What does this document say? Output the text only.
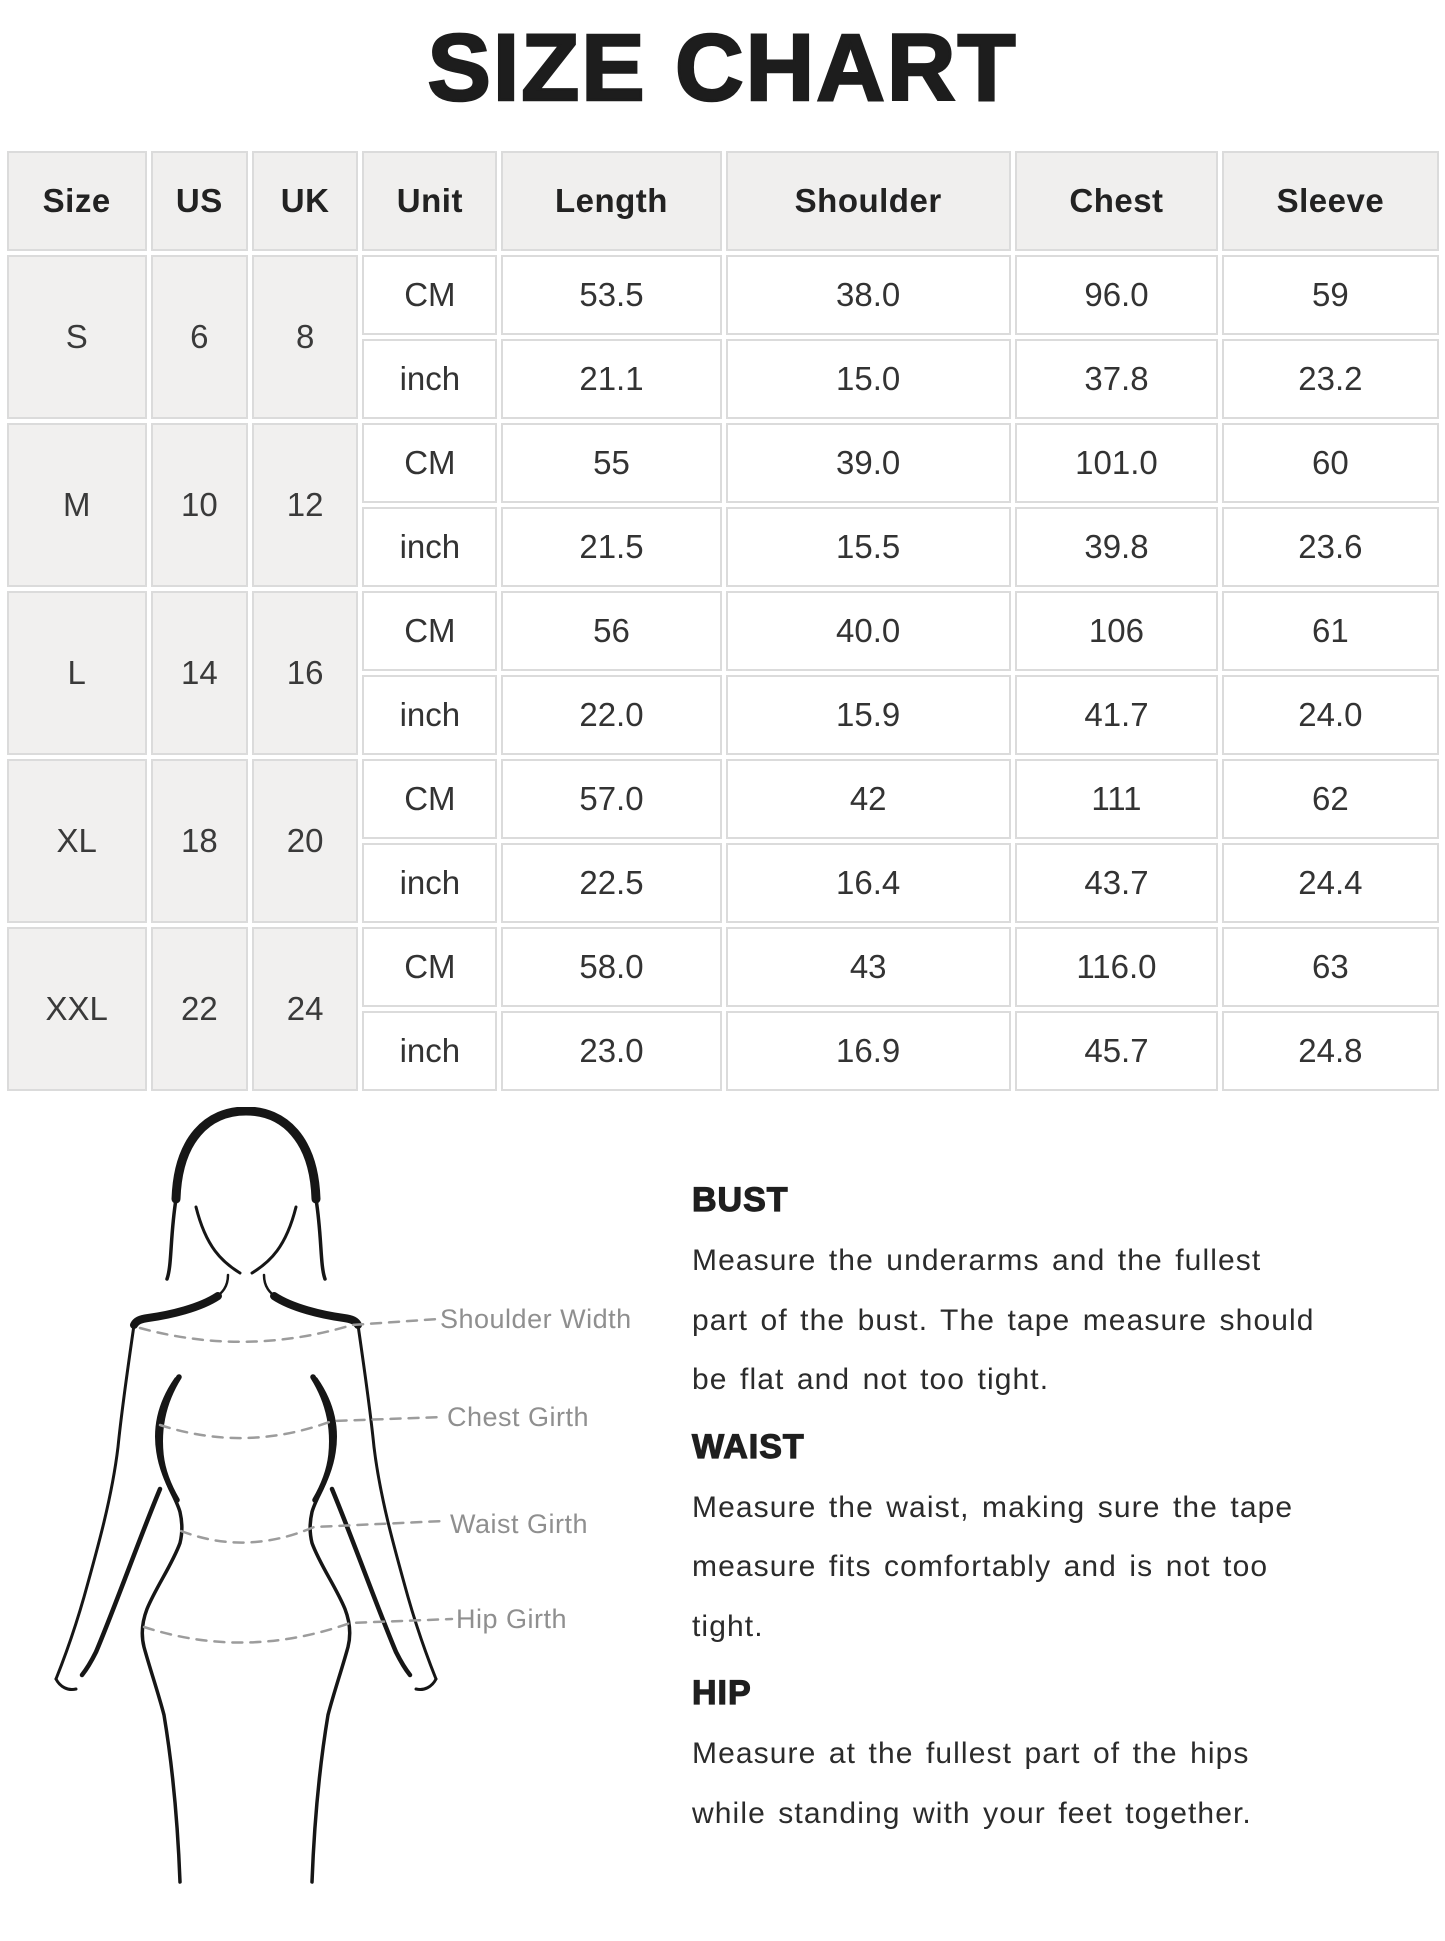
SIZE CHART
Size	US	UK	Unit	Length	Shoulder	Chest	Sleeve
S	6	8	CM	53.5	38.0	96.0	59
			inch	21.1	15.0	37.8	23.2
M	10	12	CM	55	39.0	101.0	60
			inch	21.5	15.5	39.8	23.6
L	14	16	CM	56	40.0	106	61
			inch	22.0	15.9	41.7	24.0
XL	18	20	CM	57.0	42	111	62
			inch	22.5	16.4	43.7	24.4
XXL	22	24	CM	58.0	43	116.0	63
			inch	23.0	16.9	45.7	24.8
Shoulder Width
Chest Girth
Waist Girth
Hip Girth
BUST
Measure the underarms and the fullest
part of the bust. The tape measure should
be flat and not too tight.
WAIST
Measure the waist, making sure the tape
measure fits comfortably and is not too
tight.
HIP
Measure at the fullest part of the hips
while standing with your feet together.
